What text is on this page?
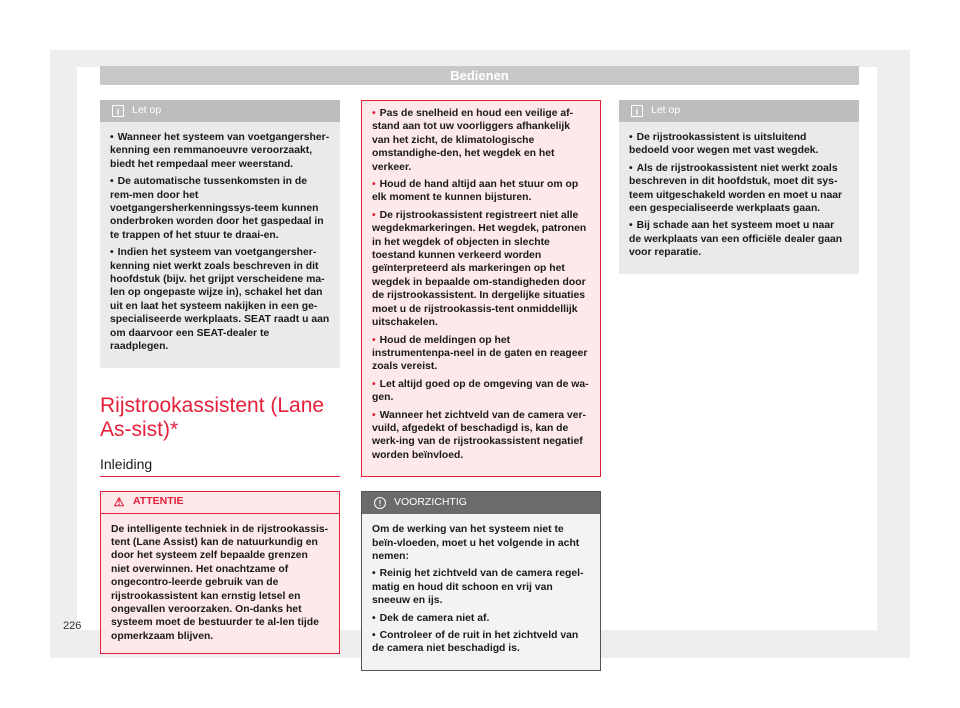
Bedienen
i	Let op
• Wanneer het systeem van voetgangersher-kenning een remmanoeuvre veroorzaakt, biedt het rempedaal meer weerstand.
• De automatische tussenkomsten in de rem-men door het voetgangersherkenningssys-teem kunnen onderbroken worden door het gaspedaal in te trappen of het stuur te draai-en.
• Indien het systeem van voetgangersher-kenning niet werkt zoals beschreven in dit hoofdstuk (bijv. het grijpt verscheidene ma-len op ongepaste wijze in), schakel het dan uit en laat het systeem nakijken in een ge-specialiseerde werkplaats. SEAT raadt u aan om daarvoor een SEAT-dealer te raadplegen.
Rijstrookassistent (Lane As-sist)*
Inleiding
⚠ ATTENTIE

De intelligente techniek in de rijstrookassis-tent (Lane Assist) kan de natuurkundig en door het systeem zelf bepaalde grenzen niet overwinnen. Het onachtzame of ongecontro-leerde gebruik van de rijstrookassistent kan ernstig letsel en ongevallen veroorzaken. On-danks het systeem moet de bestuurder te al-len tijde opmerkzaam blijven.

• Pas de snelheid en houd een veilige af-stand aan tot uw voorliggers afhankelijk van het zicht, de klimatologische omstandighe-den, het wegdek en het verkeer.
• Houd de hand altijd aan het stuur om op elk moment te kunnen bijsturen.
• De rijstrookassistent registreert niet alle wegdekmarkeringen. Het wegdek, patronen in het wegdek of objecten in slechte toestand kunnen verkeerd worden geïnterpreteerd als markeringen op het wegdek in bepaalde om-standigheden door de rijstrookassistent. In dergelijke situaties moet u de rijstrookassis-tent onmiddellijk uitschakelen.
• Houd de meldingen op het instrumentenpa-neel in de gaten en reageer zoals vereist.
• Let altijd goed op de omgeving van de wa-gen.
• Wanneer het zichtveld van de camera ver-vuild, afgedekt of beschadigd is, kan de werk-ing van de rijstrookassistent negatief worden beïnvloed.
!	VOORZICHTIG

Om de werking van het systeem niet te beïn-vloeden, moet u het volgende in acht nemen:

• Reinig het zichtveld van de camera regel-matig en houd dit schoon en vrij van sneeuw en ijs.
• Dek de camera niet af.
• Controleer of de ruit in het zichtveld van de camera niet beschadigd is.
i	Let op
• De rijstrookassistent is uitsluitend bedoeld voor wegen met vast wegdek.
• Als de rijstrookassistent niet werkt zoals beschreven in dit hoofdstuk, moet dit sys-teem uitgeschakeld worden en moet u naar een gespecialiseerde werkplaats gaan.
• Bij schade aan het systeem moet u naar de werkplaats van een officiële dealer gaan voor reparatie.
226
